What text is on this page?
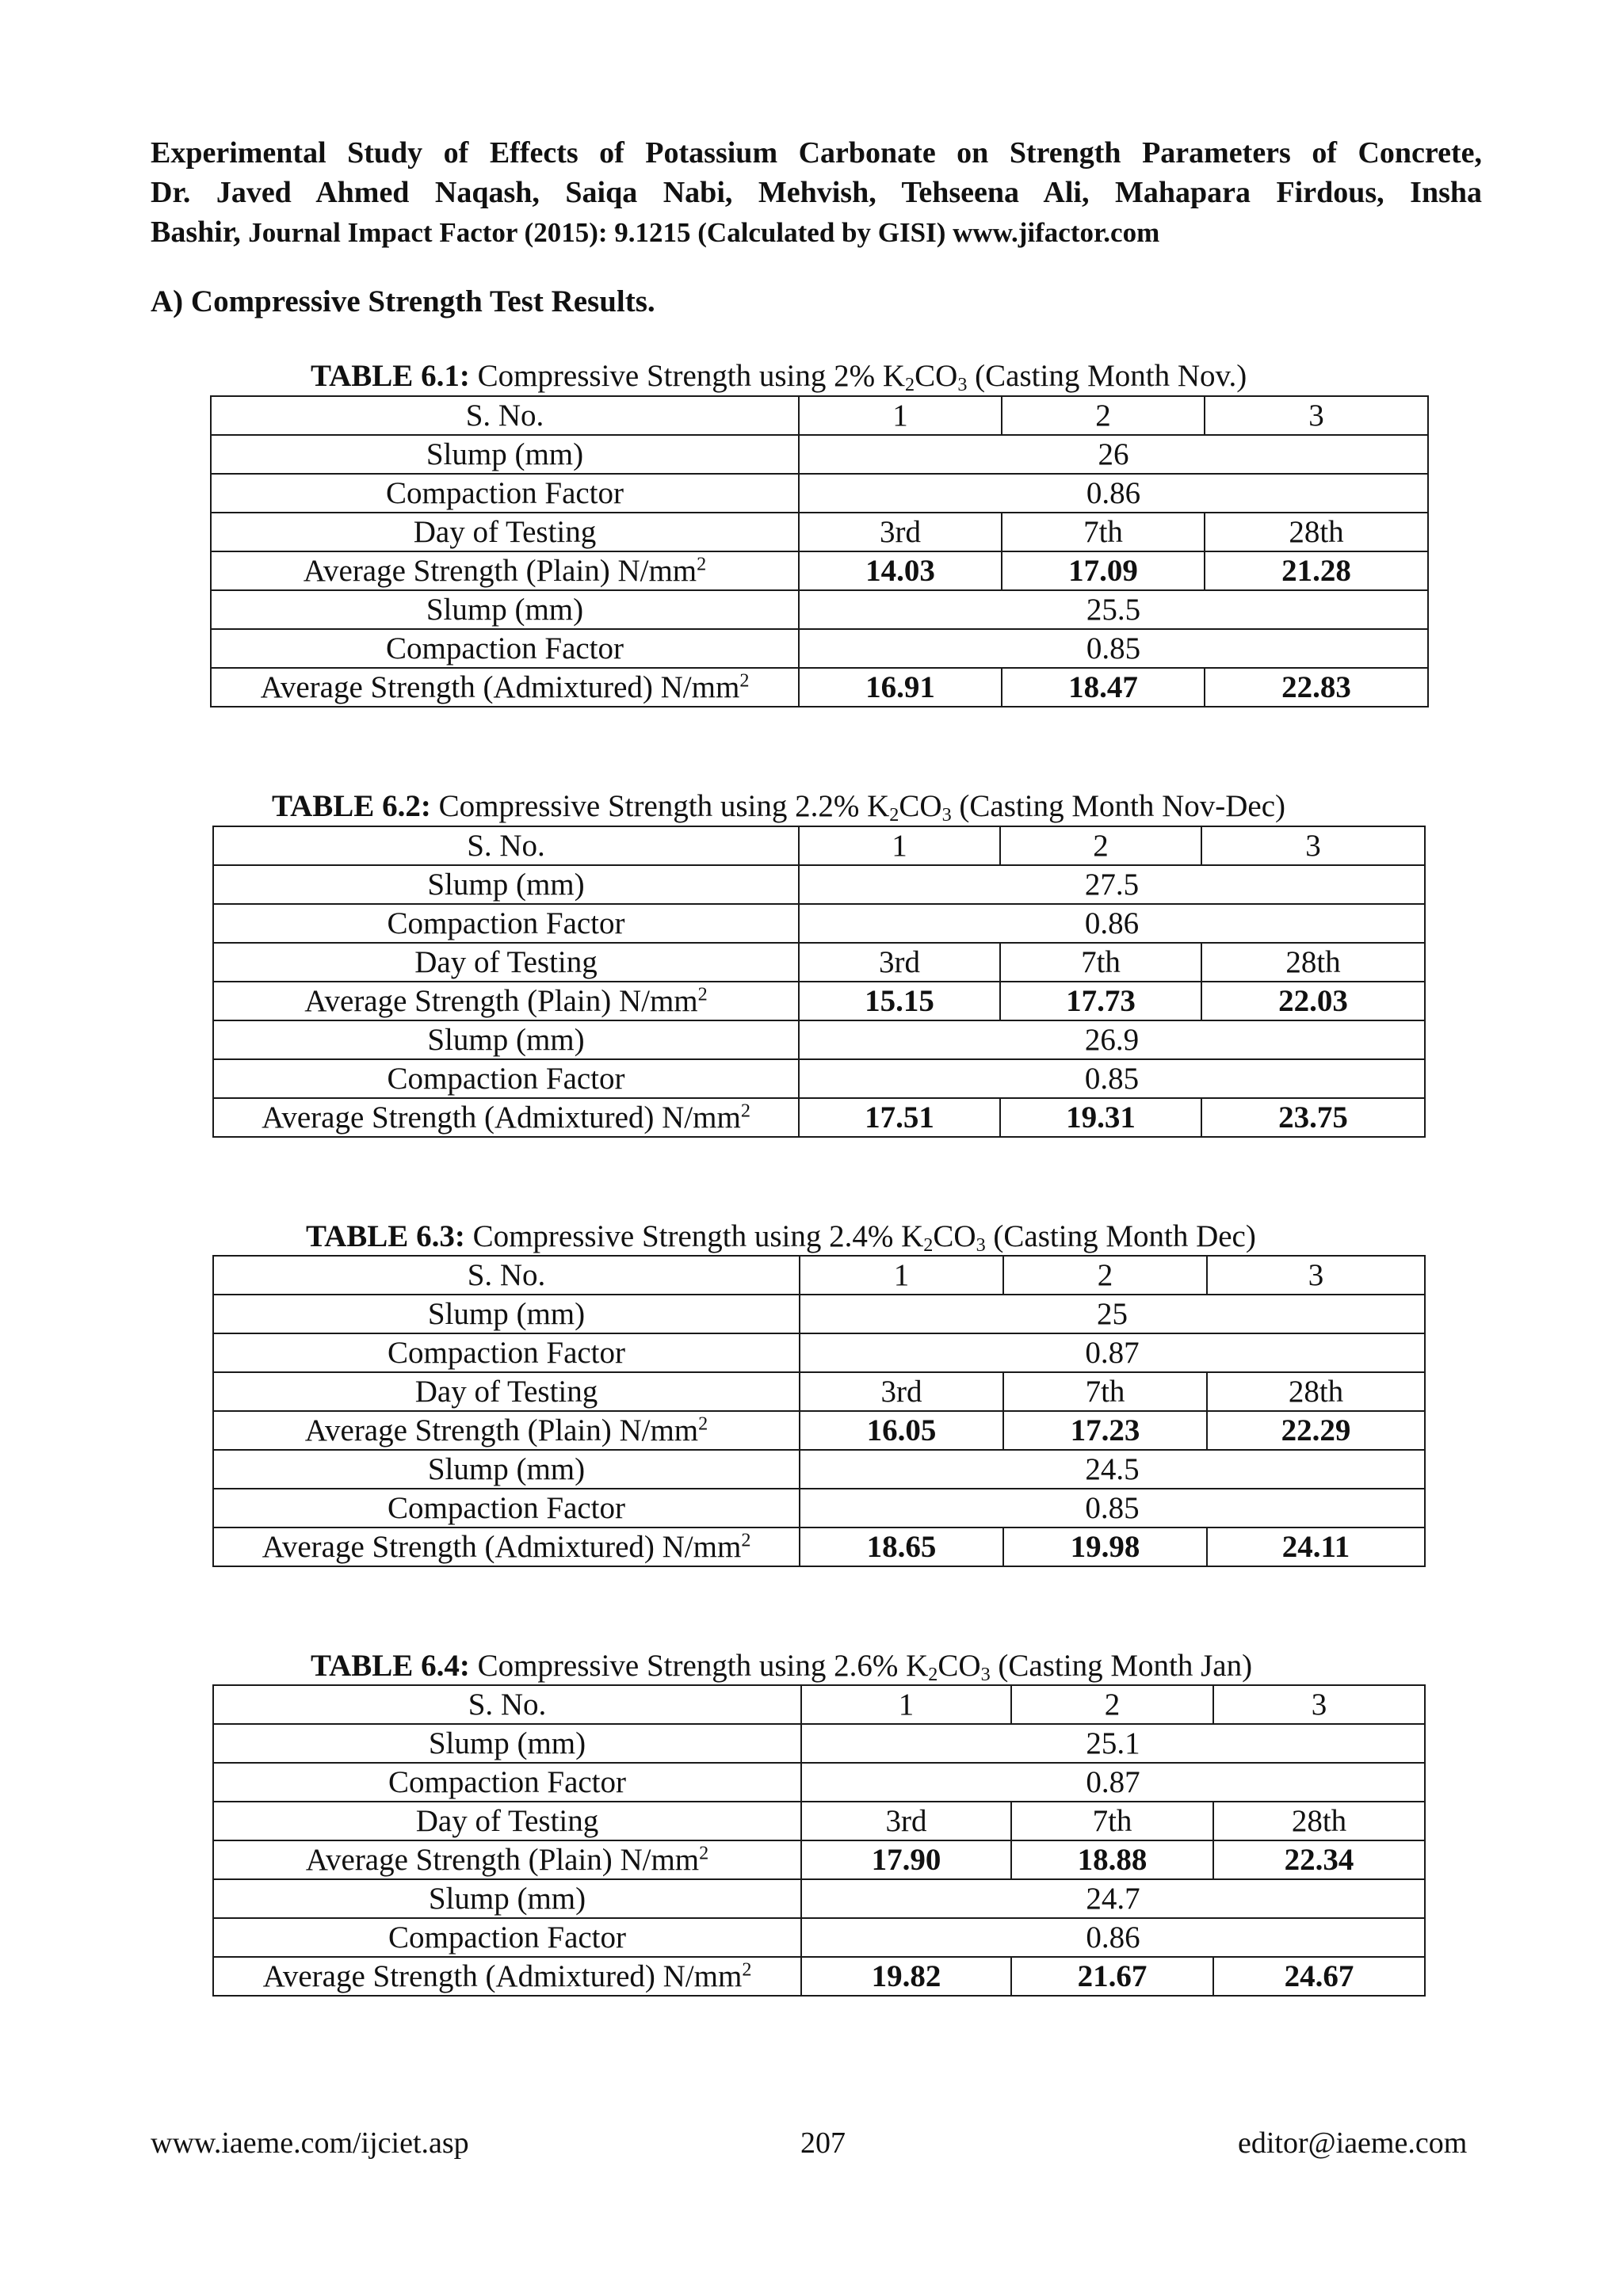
Experimental Study of Effects of Potassium Carbonate on Strength Parameters of Concrete,
Dr. Javed Ahmed Naqash, Saiqa Nabi, Mehvish, Tehseena Ali, Mahapara Firdous, Insha
Bashir, Journal Impact Factor (2015): 9.1215 (Calculated by GISI) www.jifactor.com
A) Compressive Strength Test Results.
TABLE 6.1: Compressive Strength using 2% $K_2CO_3$ (Casting Month Nov.)
S. No.	1	2	3
Slump (mm)	26		
Compaction Factor	0.86		
Day of Testing	3rd	7th	28th
Average Strength (Plain) $N/mm^2$	14.03	17.09	21.28
Slump (mm)	25.5		
Compaction Factor	0.85		
Average Strength (Admixtured) $N/mm^2$	16.91	18.47	22.83
TABLE 6.2: Compressive Strength using 2.2% $K_2CO_3$ (Casting Month Nov-Dec)
S. No.	1	2	3
Slump (mm)	27.5		
Compaction Factor	0.86		
Day of Testing	3rd	7th	28th
Average Strength (Plain) $N/mm^2$	15.15	17.73	22.03
Slump (mm)	26.9		
Compaction Factor	0.85		
Average Strength (Admixtured) $N/mm^2$	17.51	19.31	23.75
TABLE 6.3: Compressive Strength using 2.4% $K_2CO_3$ (Casting Month Dec)
S. No.	1	2	3
Slump (mm)	25		
Compaction Factor	0.87		
Day of Testing	3rd	7th	28th
Average Strength (Plain) $N/mm^2$	16.05	17.23	22.29
Slump (mm)	24.5		
Compaction Factor	0.85		
Average Strength (Admixtured) $N/mm^2$	18.65	19.98	24.11
TABLE 6.4: Compressive Strength using 2.6% $K_2CO_3$ (Casting Month Jan)
S. No.	1	2	3
Slump (mm)	25.1		
Compaction Factor	0.87		
Day of Testing	3rd	7th	28th
Average Strength (Plain) $N/mm^2$	17.90	18.88	22.34
Slump (mm)	24.7		
Compaction Factor	0.86		
Average Strength (Admixtured) $N/mm^2$	19.82	21.67	24.67
www.iaeme.com/ijciet.asp	207	editor@iaeme.com
